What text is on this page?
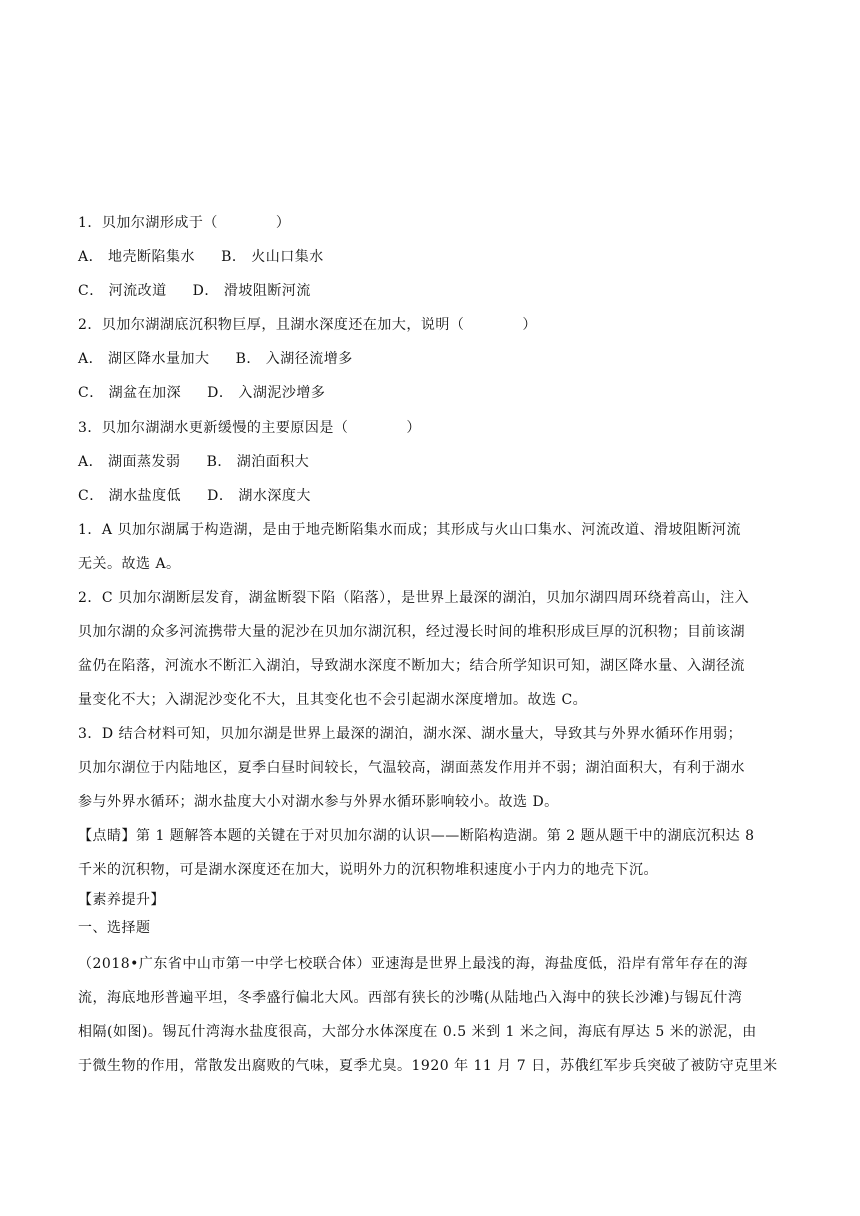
1．贝加尔湖形成于（	）
A． 地壳断陷集水 B． 火山口集水
C． 河流改道 D． 滑坡阻断河流
2．贝加尔湖湖底沉积物巨厚，且湖水深度还在加大，说明（	）
A． 湖区降水量加大 B． 入湖径流增多
C． 湖盆在加深 D． 入湖泥沙增多
3．贝加尔湖湖水更新缓慢的主要原因是（	）
A． 湖面蒸发弱 B． 湖泊面积大
C． 湖水盐度低 D． 湖水深度大
1．A 贝加尔湖属于构造湖，是由于地壳断陷集水而成；其形成与火山口集水、河流改道、滑坡阻断河流
无关。故选 A。
2．C 贝加尔湖断层发育，湖盆断裂下陷（陷落），是世界上最深的湖泊，贝加尔湖四周环绕着高山，注入
贝加尔湖的众多河流携带大量的泥沙在贝加尔湖沉积，经过漫长时间的堆积形成巨厚的沉积物；目前该湖
盆仍在陷落，河流水不断汇入湖泊，导致湖水深度不断加大；结合所学知识可知，湖区降水量、入湖径流
量变化不大；入湖泥沙变化不大，且其变化也不会引起湖水深度增加。故选 C。
3．D 结合材料可知，贝加尔湖是世界上最深的湖泊，湖水深、湖水量大，导致其与外界水循环作用弱；
贝加尔湖位于内陆地区，夏季白昼时间较长，气温较高，湖面蒸发作用并不弱；湖泊面积大，有利于湖水
参与外界水循环；湖水盐度大小对湖水参与外界水循环影响较小。故选 D。
【点睛】第 1 题解答本题的关键在于对贝加尔湖的认识——断陷构造湖。第 2 题从题干中的湖底沉积达 8
千米的沉积物，可是湖水深度还在加大，说明外力的沉积物堆积速度小于内力的地壳下沉。
【素养提升】
一、选择题
（2018•广东省中山市第一中学七校联合体）亚速海是世界上最浅的海，海盐度低，沿岸有常年存在的海
流，海底地形普遍平坦，冬季盛行偏北大风。西部有狭长的沙嘴(从陆地凸入海中的狭长沙滩)与锡瓦什湾
相隔(如图)。锡瓦什湾海水盐度很高，大部分水体深度在 0.5 米到 1 米之间，海底有厚达 5 米的淤泥，由
于微生物的作用，常散发出腐败的气味，夏季尤臭。1920 年 11 月 7 日，苏俄红军步兵突破了被防守克里米
